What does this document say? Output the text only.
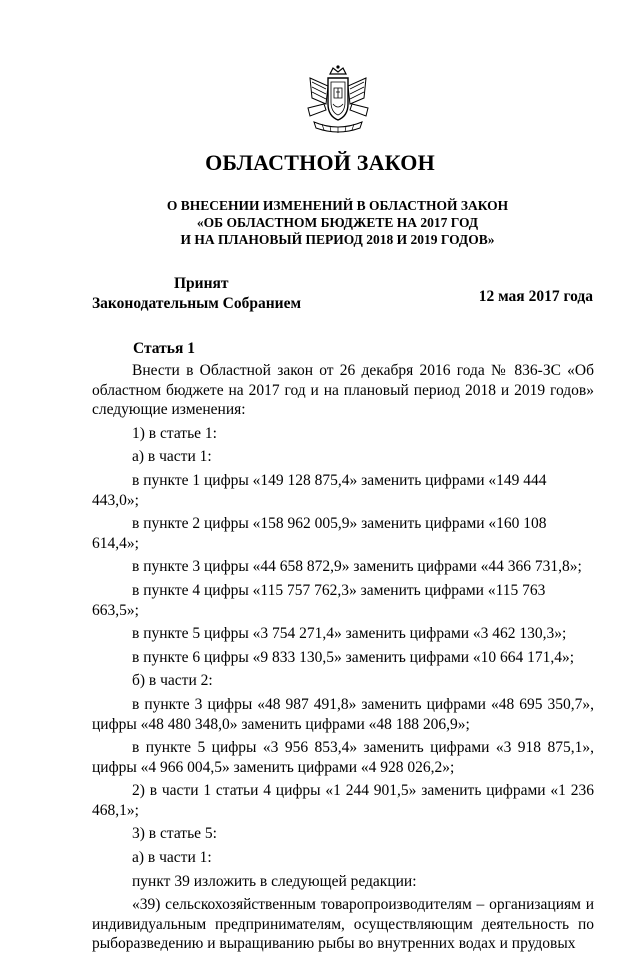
ОБЛАСТНОЙ ЗАКОН
О ВНЕСЕНИИ ИЗМЕНЕНИЙ В ОБЛАСТНОЙ ЗАКОН
«ОБ ОБЛАСТНОМ БЮДЖЕТЕ НА 2017 ГОД
И НА ПЛАНОВЫЙ ПЕРИОД 2018 И 2019 ГОДОВ»
Принят
Законодательным Собранием	12 мая 2017 года
Статья 1
Внести в Областной закон от 26 декабря 2016 года № 836-ЗС «Об областном бюджете на 2017 год и на плановый период 2018 и 2019 годов» следующие изменения:
1) в статье 1:
а) в части 1:
в пункте 1 цифры «149 128 875,4» заменить цифрами «149 444 443,0»;
в пункте 2 цифры «158 962 005,9» заменить цифрами «160 108 614,4»;
в пункте 3 цифры «44 658 872,9» заменить цифрами «44 366 731,8»;
в пункте 4 цифры «115 757 762,3» заменить цифрами «115 763 663,5»;
в пункте 5 цифры «3 754 271,4» заменить цифрами «3 462 130,3»;
в пункте 6 цифры «9 833 130,5» заменить цифрами «10 664 171,4»;
б) в части 2:
в пункте 3 цифры «48 987 491,8» заменить цифрами «48 695 350,7», цифры «48 480 348,0» заменить цифрами «48 188 206,9»;
в пункте 5 цифры «3 956 853,4» заменить цифрами «3 918 875,1», цифры «4 966 004,5» заменить цифрами «4 928 026,2»;
2) в части 1 статьи 4 цифры «1 244 901,5» заменить цифрами «1 236 468,1»;
3) в статье 5:
а) в части 1:
пункт 39 изложить в следующей редакции:
«39) сельскохозяйственным товаропроизводителям – организациям и индивидуальным предпринимателям, осуществляющим деятельность по рыборазведению и выращиванию рыбы во внутренних водах и прудовых
